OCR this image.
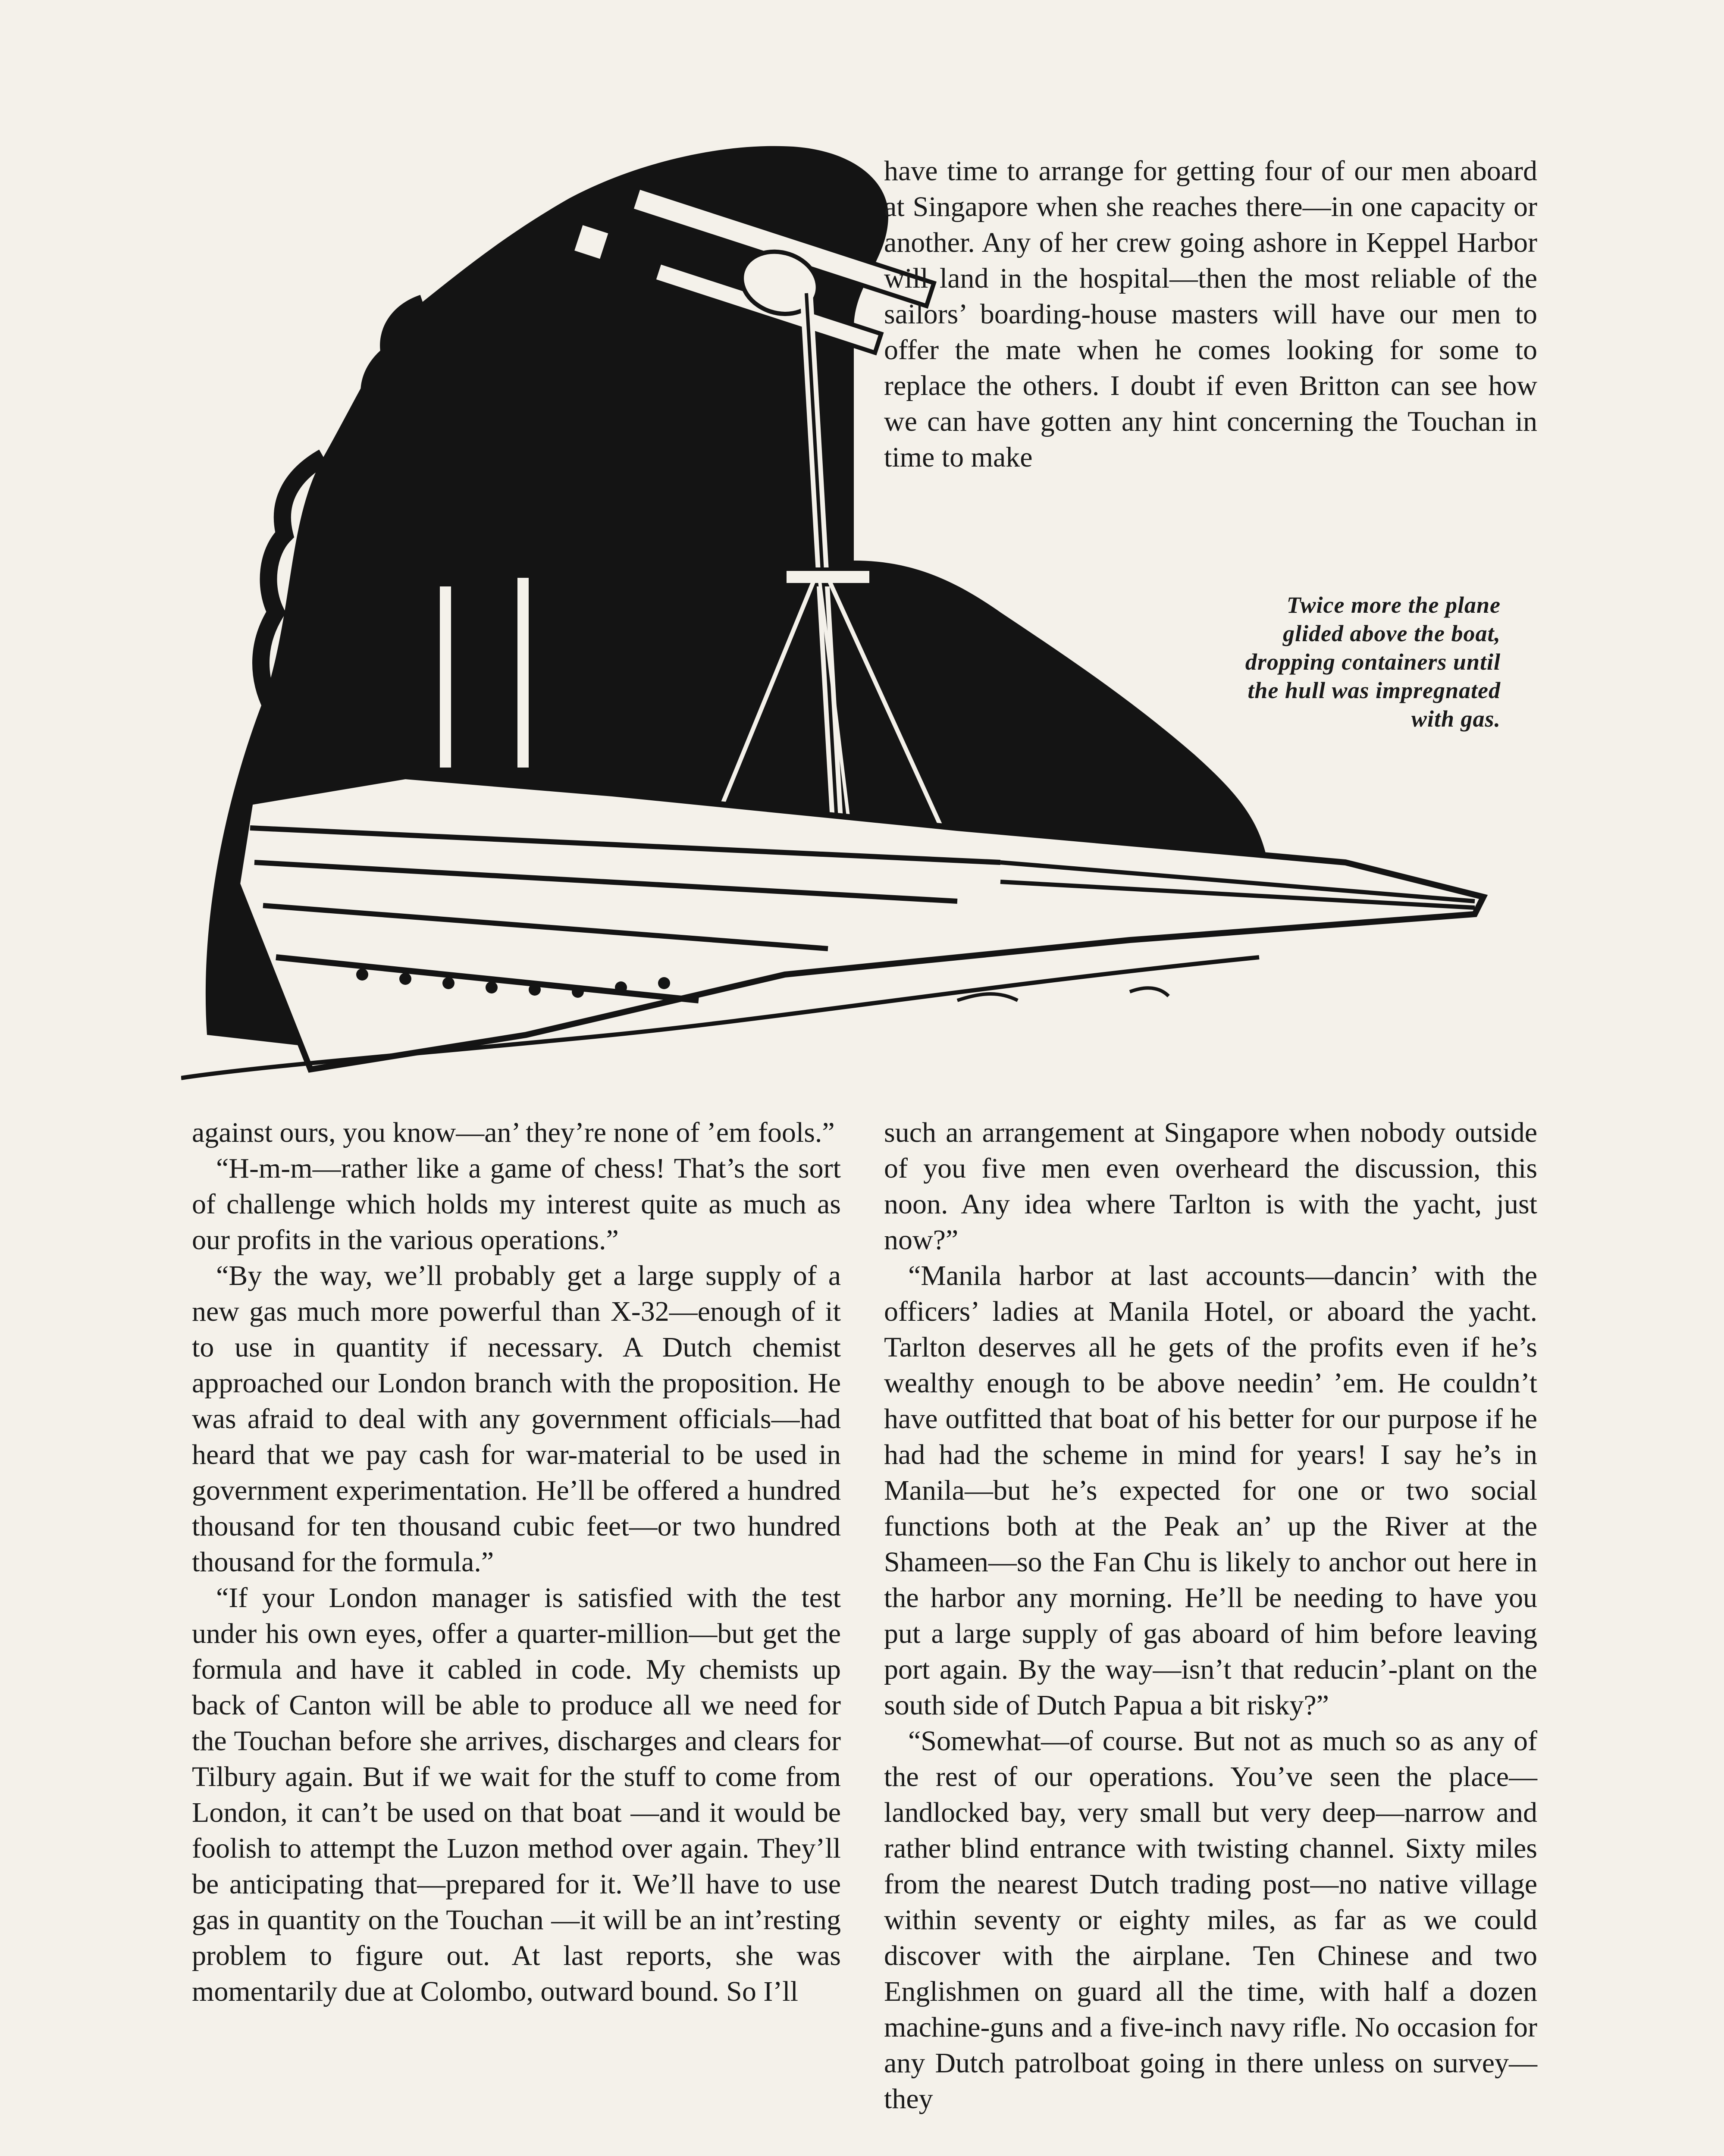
Twice more the plane glided above the boat, dropping containers until the hull was impregnated with gas.

have time to arrange for getting four of our men aboard at Singapore when she reaches there—in one capacity or another. Any of her crew going ashore in Keppel Harbor will land in the hospital—then the most reliable of the sailors’ boarding-house masters will have our men to offer the mate when he comes looking for some to replace the others. I doubt if even Britton can see how we can have gotten any hint concerning the Touchan in time to make

against ours, you know—an’ they’re none of ’em fools.”

“H-m-m—rather like a game of chess! That’s the sort of challenge which holds my interest quite as much as our profits in the various operations.”

“By the way, we’ll probably get a large supply of a new gas much more powerful than X-32—enough of it to use in quantity if necessary. A Dutch chemist approached our London branch with the proposition. He was afraid to deal with any government officials—had heard that we pay cash for war-material to be used in government experimentation. He’ll be offered a hundred thousand for ten thousand cubic feet—or two hundred thousand for the formula.”

“If your London manager is satisfied with the test under his own eyes, offer a quarter-million—but get the formula and have it cabled in code. My chemists up back of Canton will be able to produce all we need for the Touchan before she arrives, discharges and clears for Tilbury again. But if we wait for the stuff to come from London, it can’t be used on that boat —and it would be foolish to attempt the Luzon method over again. They’ll be anticipating that—prepared for it. We’ll have to use gas in quantity on the Touchan —it will be an int’resting problem to figure out. At last reports, she was momentarily due at Colombo, outward bound. So I’ll

such an arrangement at Singapore when nobody outside of you five men even overheard the discussion, this noon. Any idea where Tarlton is with the yacht, just now?”

“Manila harbor at last accounts—dancin’ with the officers’ ladies at Manila Hotel, or aboard the yacht. Tarlton deserves all he gets of the profits even if he’s wealthy enough to be above needin’ ’em. He couldn’t have outfitted that boat of his better for our purpose if he had had the scheme in mind for years! I say he’s in Manila—but he’s expected for one or two social functions both at the Peak an’ up the River at the Shameen—so the Fan Chu is likely to anchor out here in the harbor any morning. He’ll be needing to have you put a large supply of gas aboard of him before leaving port again. By the way—isn’t that reducin’-plant on the south side of Dutch Papua a bit risky?”

“Somewhat—of course. But not as much so as any of the rest of our operations. You’ve seen the place—landlocked bay, very small but very deep—narrow and rather blind entrance with twisting channel. Sixty miles from the nearest Dutch trading post—no native village within seventy or eighty miles, as far as we could discover with the airplane. Ten Chinese and two Englishmen on guard all the time, with half a dozen machine-guns and a five-inch navy rifle. No occasion for any Dutch patrolboat going in there unless on survey—they
